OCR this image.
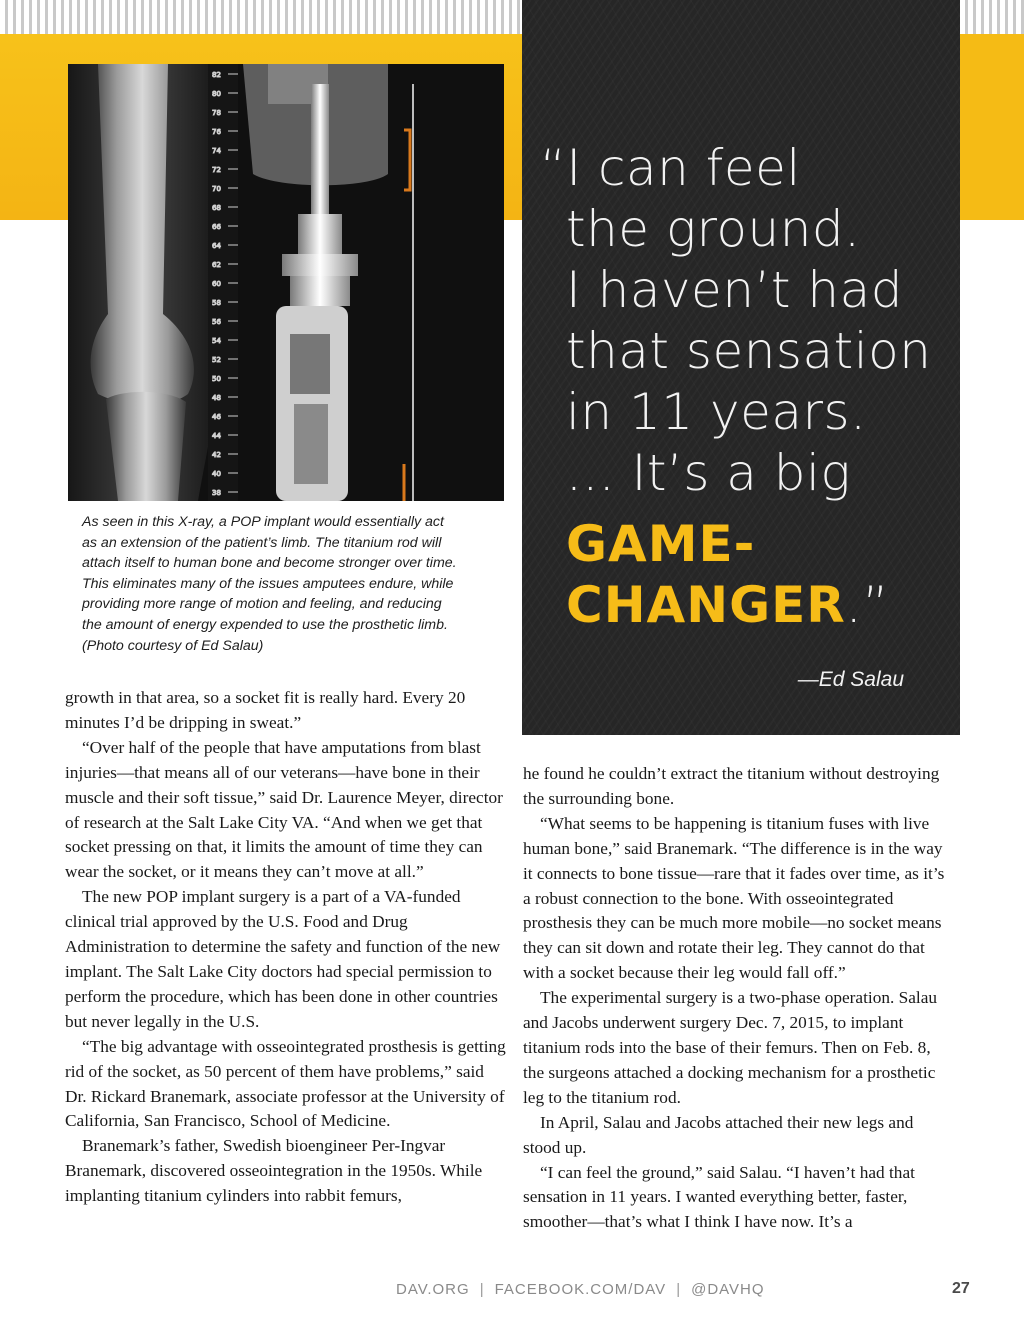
82
80
78
76
74
72
70
68
66
64
62
60
58
56
54
52
50
48
46
44
42
40
38
As seen in this X-ray, a POP implant would essentially act
as an extension of the patient’s limb. The titanium rod will
attach itself to human bone and become stronger over time.
This eliminates many of the issues amputees endure, while
providing more range of motion and feeling, and reducing
the amount of energy expended to use the prosthetic limb.
(Photo courtesy of Ed Salau)
“I can feel
the ground.
I haven’t had
that sensation
in 11 years.
... It’s a big
GAME-
CHANGER.”
—Ed Salau

growth in that area, so a socket fit is really hard. Every 20 minutes I’d be dripping in sweat.”

“Over half of the people that have amputations from blast injuries—that means all of our veterans—have bone in their muscle and their soft tissue,” said Dr. Laurence Meyer, director of research at the Salt Lake City VA. “And when we get that socket pressing on that, it limits the amount of time they can wear the socket, or it means they can’t move at all.”

The new POP implant surgery is a part of a VA-funded clinical trial approved by the U.S. Food and Drug Administration to determine the safety and function of the new implant. The Salt Lake City doctors had special permission to perform the procedure, which has been done in other countries but never legally in the U.S.

“The big advantage with osseointegrated prosthesis is getting rid of the socket, as 50 percent of them have problems,” said Dr. Rickard Branemark, associate professor at the University of California, San Francisco, School of Medicine.

Branemark’s father, Swedish bioengineer Per-Ingvar Branemark, discovered osseointegration in the 1950s. While implanting titanium cylinders into rabbit femurs,

he found he couldn’t extract the titanium without destroying the surrounding bone.

“What seems to be happening is titanium fuses with live human bone,” said Branemark. “The difference is in the way it connects to bone tissue—rare that it fades over time, as it’s a robust connection to the bone. With osseointegrated prosthesis they can be much more mobile—no socket means they can sit down and rotate their leg. They cannot do that with a socket because their leg would fall off.”

The experimental surgery is a two-phase operation. Salau and Jacobs underwent surgery Dec. 7, 2015, to implant titanium rods into the base of their femurs. Then on Feb. 8, the surgeons attached a docking mechanism for a prosthetic leg to the titanium rod.

In April, Salau and Jacobs attached their new legs and stood up.

“I can feel the ground,” said Salau. “I haven’t had that sensation in 11 years. I wanted everything better, faster, smoother—that’s what I think I have now. It’s a

DAV.ORG | FACEBOOK.COM/DAV | @DAVHQ	27
